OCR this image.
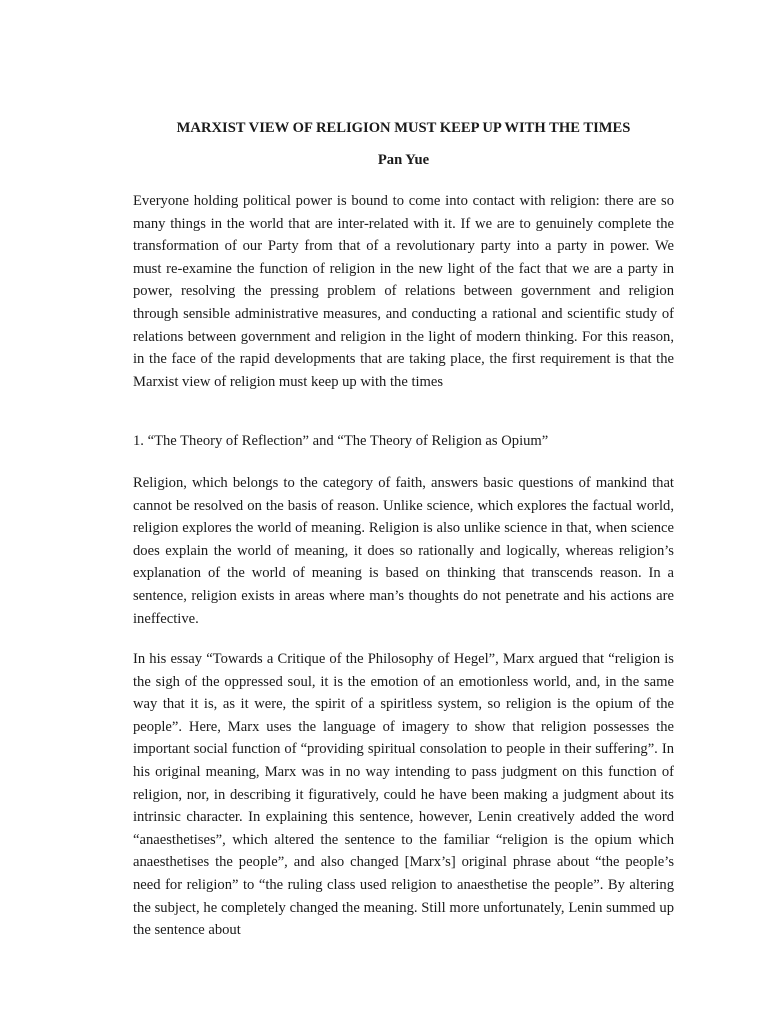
MARXIST VIEW OF RELIGION MUST KEEP UP WITH THE TIMES
Pan Yue

Everyone holding political power is bound to come into contact with religion: there are so many things in the world that are inter-related with it. If we are to genuinely complete the transformation of our Party from that of a revolutionary party into a party in power. We must re-examine the function of religion in the new light of the fact that we are a party in power, resolving the pressing problem of relations between government and religion through sensible administrative measures, and conducting a rational and scientific study of relations between government and religion in the light of modern thinking. For this reason, in the face of the rapid developments that are taking place, the first requirement is that the Marxist view of religion must keep up with the times

1. “The Theory of Reflection” and “The Theory of Religion as Opium”

Religion, which belongs to the category of faith, answers basic questions of mankind that cannot be resolved on the basis of reason. Unlike science, which explores the factual world, religion explores the world of meaning. Religion is also unlike science in that, when science does explain the world of meaning, it does so rationally and logically, whereas religion’s explanation of the world of meaning is based on thinking that transcends reason. In a sentence, religion exists in areas where man’s thoughts do not penetrate and his actions are ineffective.

In his essay “Towards a Critique of the Philosophy of Hegel”, Marx argued that “religion is the sigh of the oppressed soul, it is the emotion of an emotionless world, and, in the same way that it is, as it were, the spirit of a spiritless system, so religion is the opium of the people”. Here, Marx uses the language of imagery to show that religion possesses the important social function of “providing spiritual consolation to people in their suffering”. In his original meaning, Marx was in no way intending to pass judgment on this function of religion, nor, in describing it figuratively, could he have been making a judgment about its intrinsic character. In explaining this sentence, however, Lenin creatively added the word “anaesthetises”, which altered the sentence to the familiar “religion is the opium which anaesthetises the people”, and also changed [Marx’s] original phrase about “the people’s need for religion” to “the ruling class used religion to anaesthetise the people”. By altering the subject, he completely changed the meaning. Still more unfortunately, Lenin summed up the sentence about
